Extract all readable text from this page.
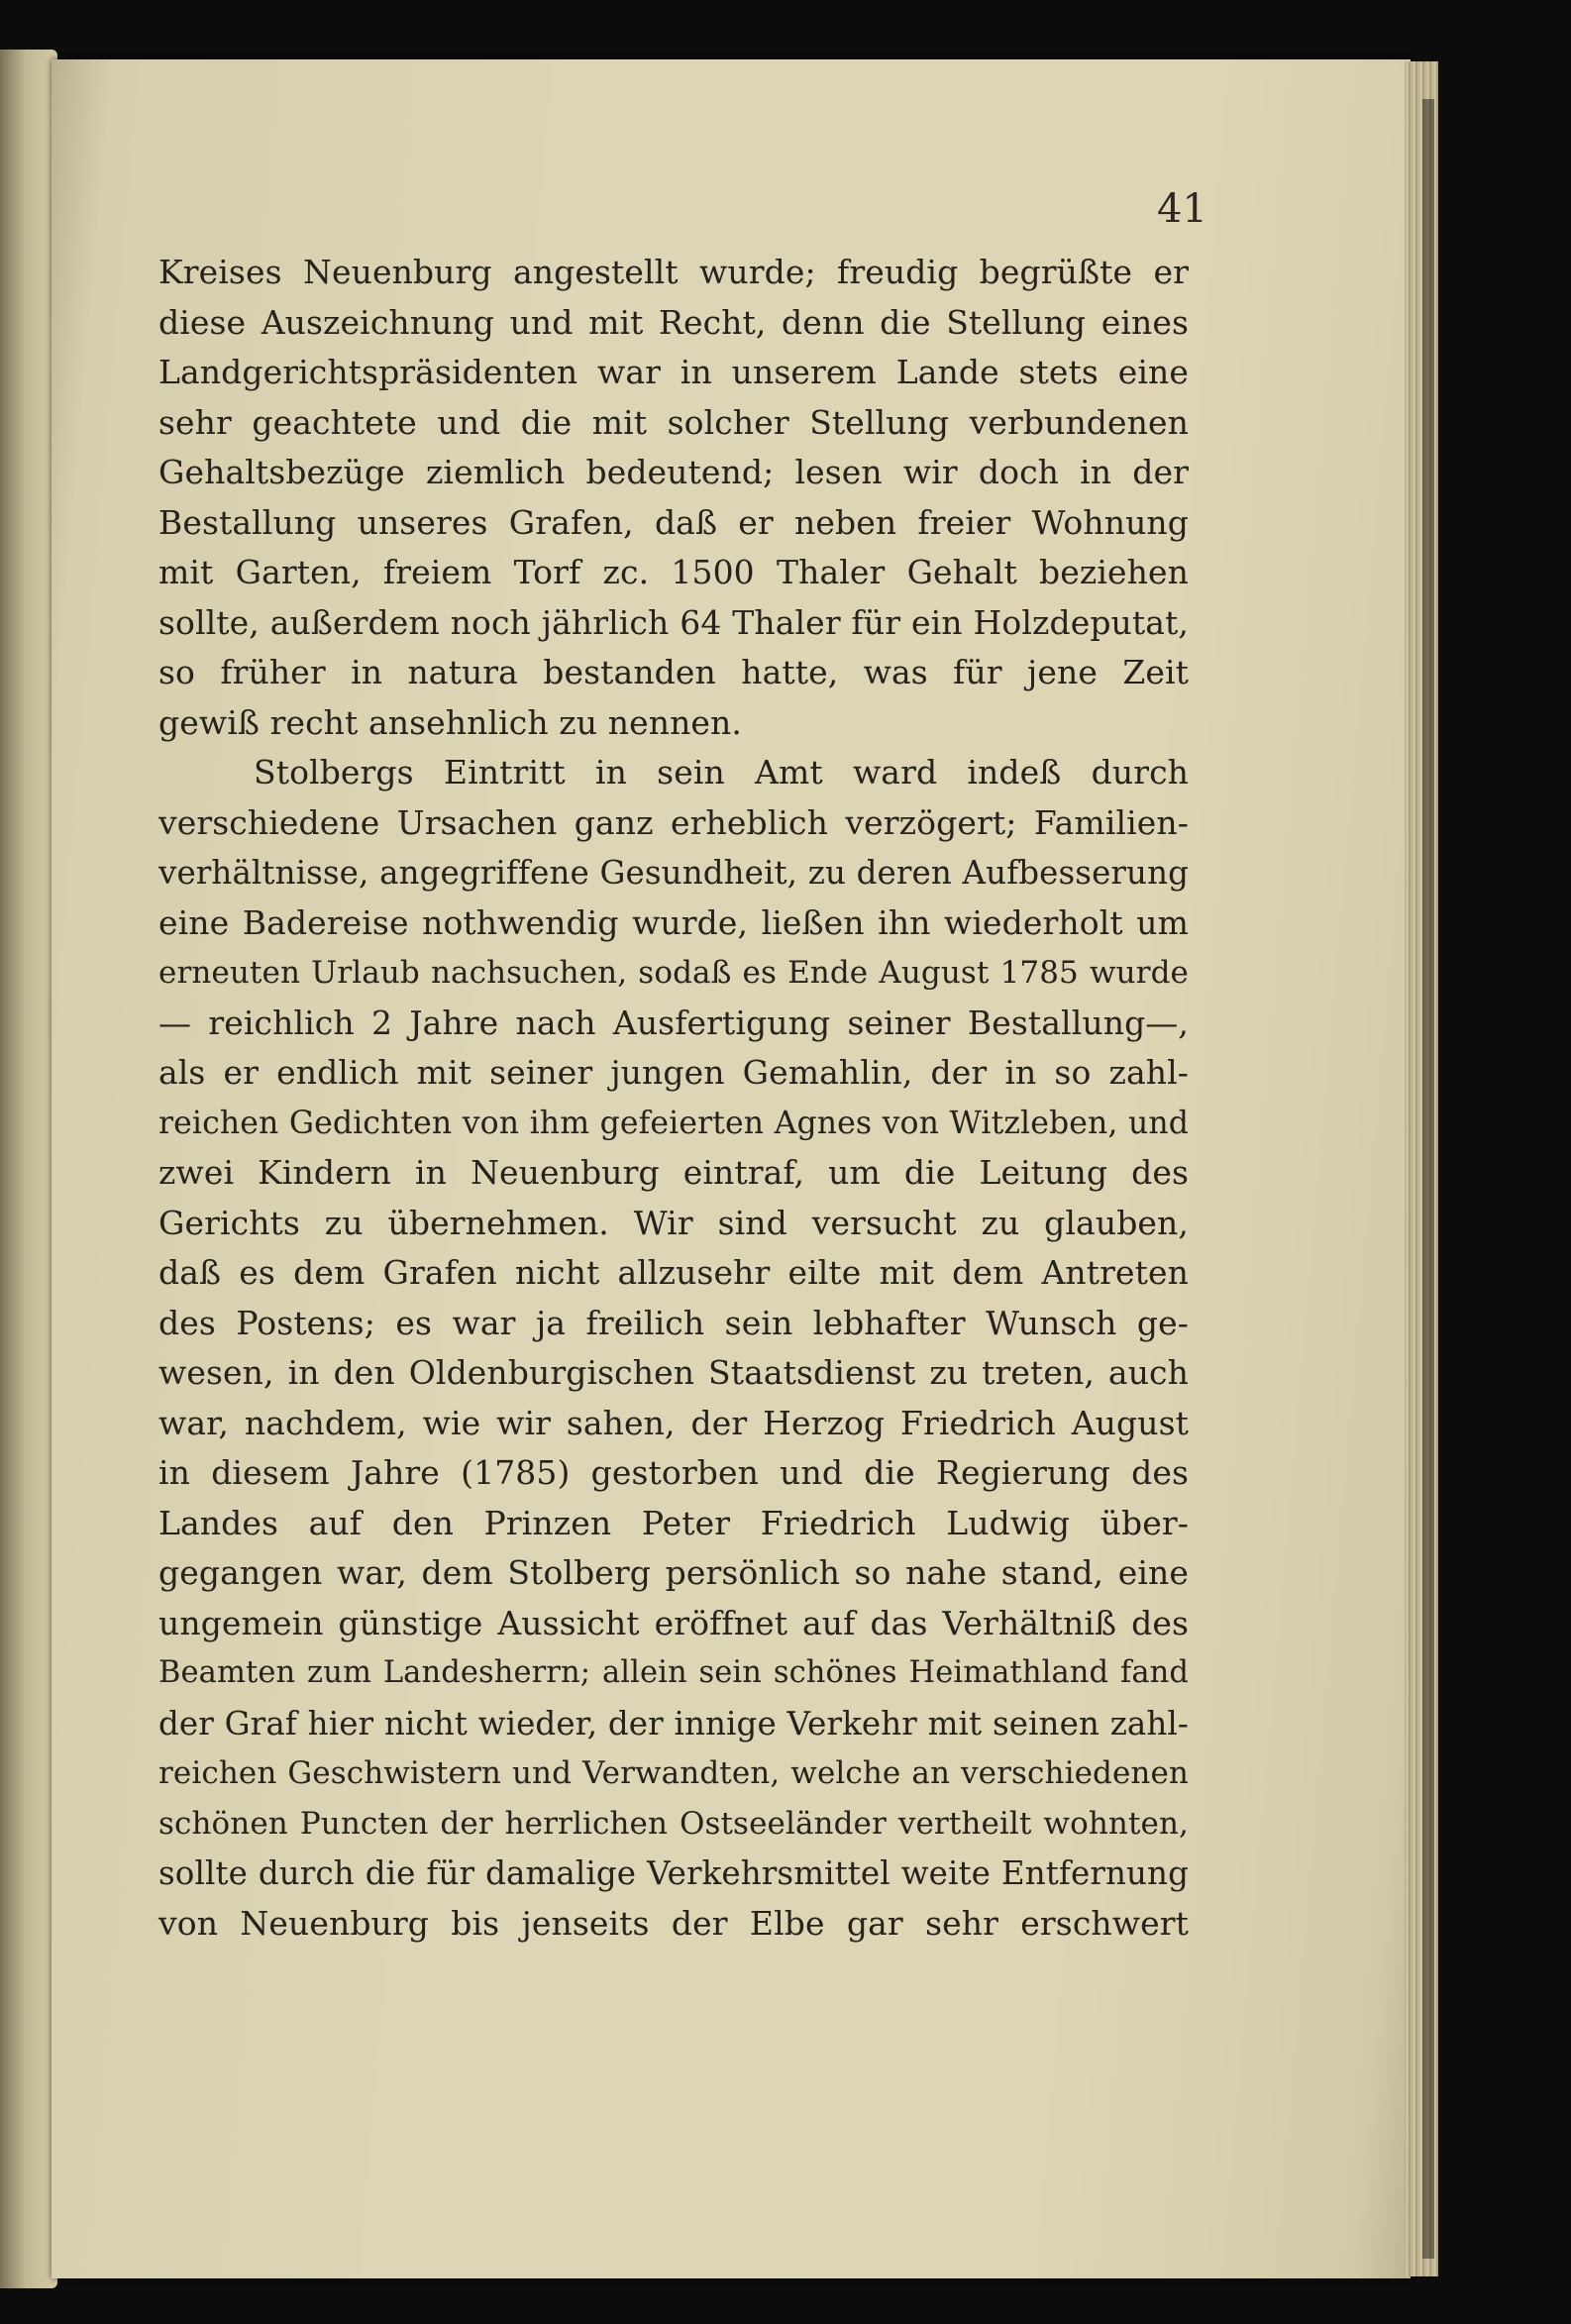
41
Kreises Neuenburg angestellt wurde; freudig begrüßte er
diese Auszeichnung und mit Recht, denn die Stellung eines
Landgerichtspräsidenten war in unserem Lande stets eine
sehr geachtete und die mit solcher Stellung verbundenen
Gehaltsbezüge ziemlich bedeutend; lesen wir doch in der
Bestallung unseres Grafen, daß er neben freier Wohnung
mit Garten, freiem Torf zc. 1500 Thaler Gehalt beziehen
sollte, außerdem noch jährlich 64 Thaler für ein Holzdeputat,
so früher in natura bestanden hatte, was für jene Zeit
gewiß recht ansehnlich zu nennen.
Stolbergs Eintritt in sein Amt ward indeß durch
verschiedene Ursachen ganz erheblich verzögert; Familien-
verhältnisse, angegriffene Gesundheit, zu deren Aufbesserung
eine Badereise nothwendig wurde, ließen ihn wiederholt um
erneuten Urlaub nachsuchen, sodaß es Ende August 1785 wurde
— reichlich 2 Jahre nach Ausfertigung seiner Bestallung—,
als er endlich mit seiner jungen Gemahlin, der in so zahl-
reichen Gedichten von ihm gefeierten Agnes von Witzleben, und
zwei Kindern in Neuenburg eintraf, um die Leitung des
Gerichts zu übernehmen. Wir sind versucht zu glauben,
daß es dem Grafen nicht allzusehr eilte mit dem Antreten
des Postens; es war ja freilich sein lebhafter Wunsch ge-
wesen, in den Oldenburgischen Staatsdienst zu treten, auch
war, nachdem, wie wir sahen, der Herzog Friedrich August
in diesem Jahre (1785) gestorben und die Regierung des
Landes auf den Prinzen Peter Friedrich Ludwig über-
gegangen war, dem Stolberg persönlich so nahe stand, eine
ungemein günstige Aussicht eröffnet auf das Verhältniß des
Beamten zum Landesherrn; allein sein schönes Heimathland fand
der Graf hier nicht wieder, der innige Verkehr mit seinen zahl-
reichen Geschwistern und Verwandten, welche an verschiedenen
schönen Puncten der herrlichen Ostseeländer vertheilt wohnten,
sollte durch die für damalige Verkehrsmittel weite Entfernung
von Neuenburg bis jenseits der Elbe gar sehr erschwert
